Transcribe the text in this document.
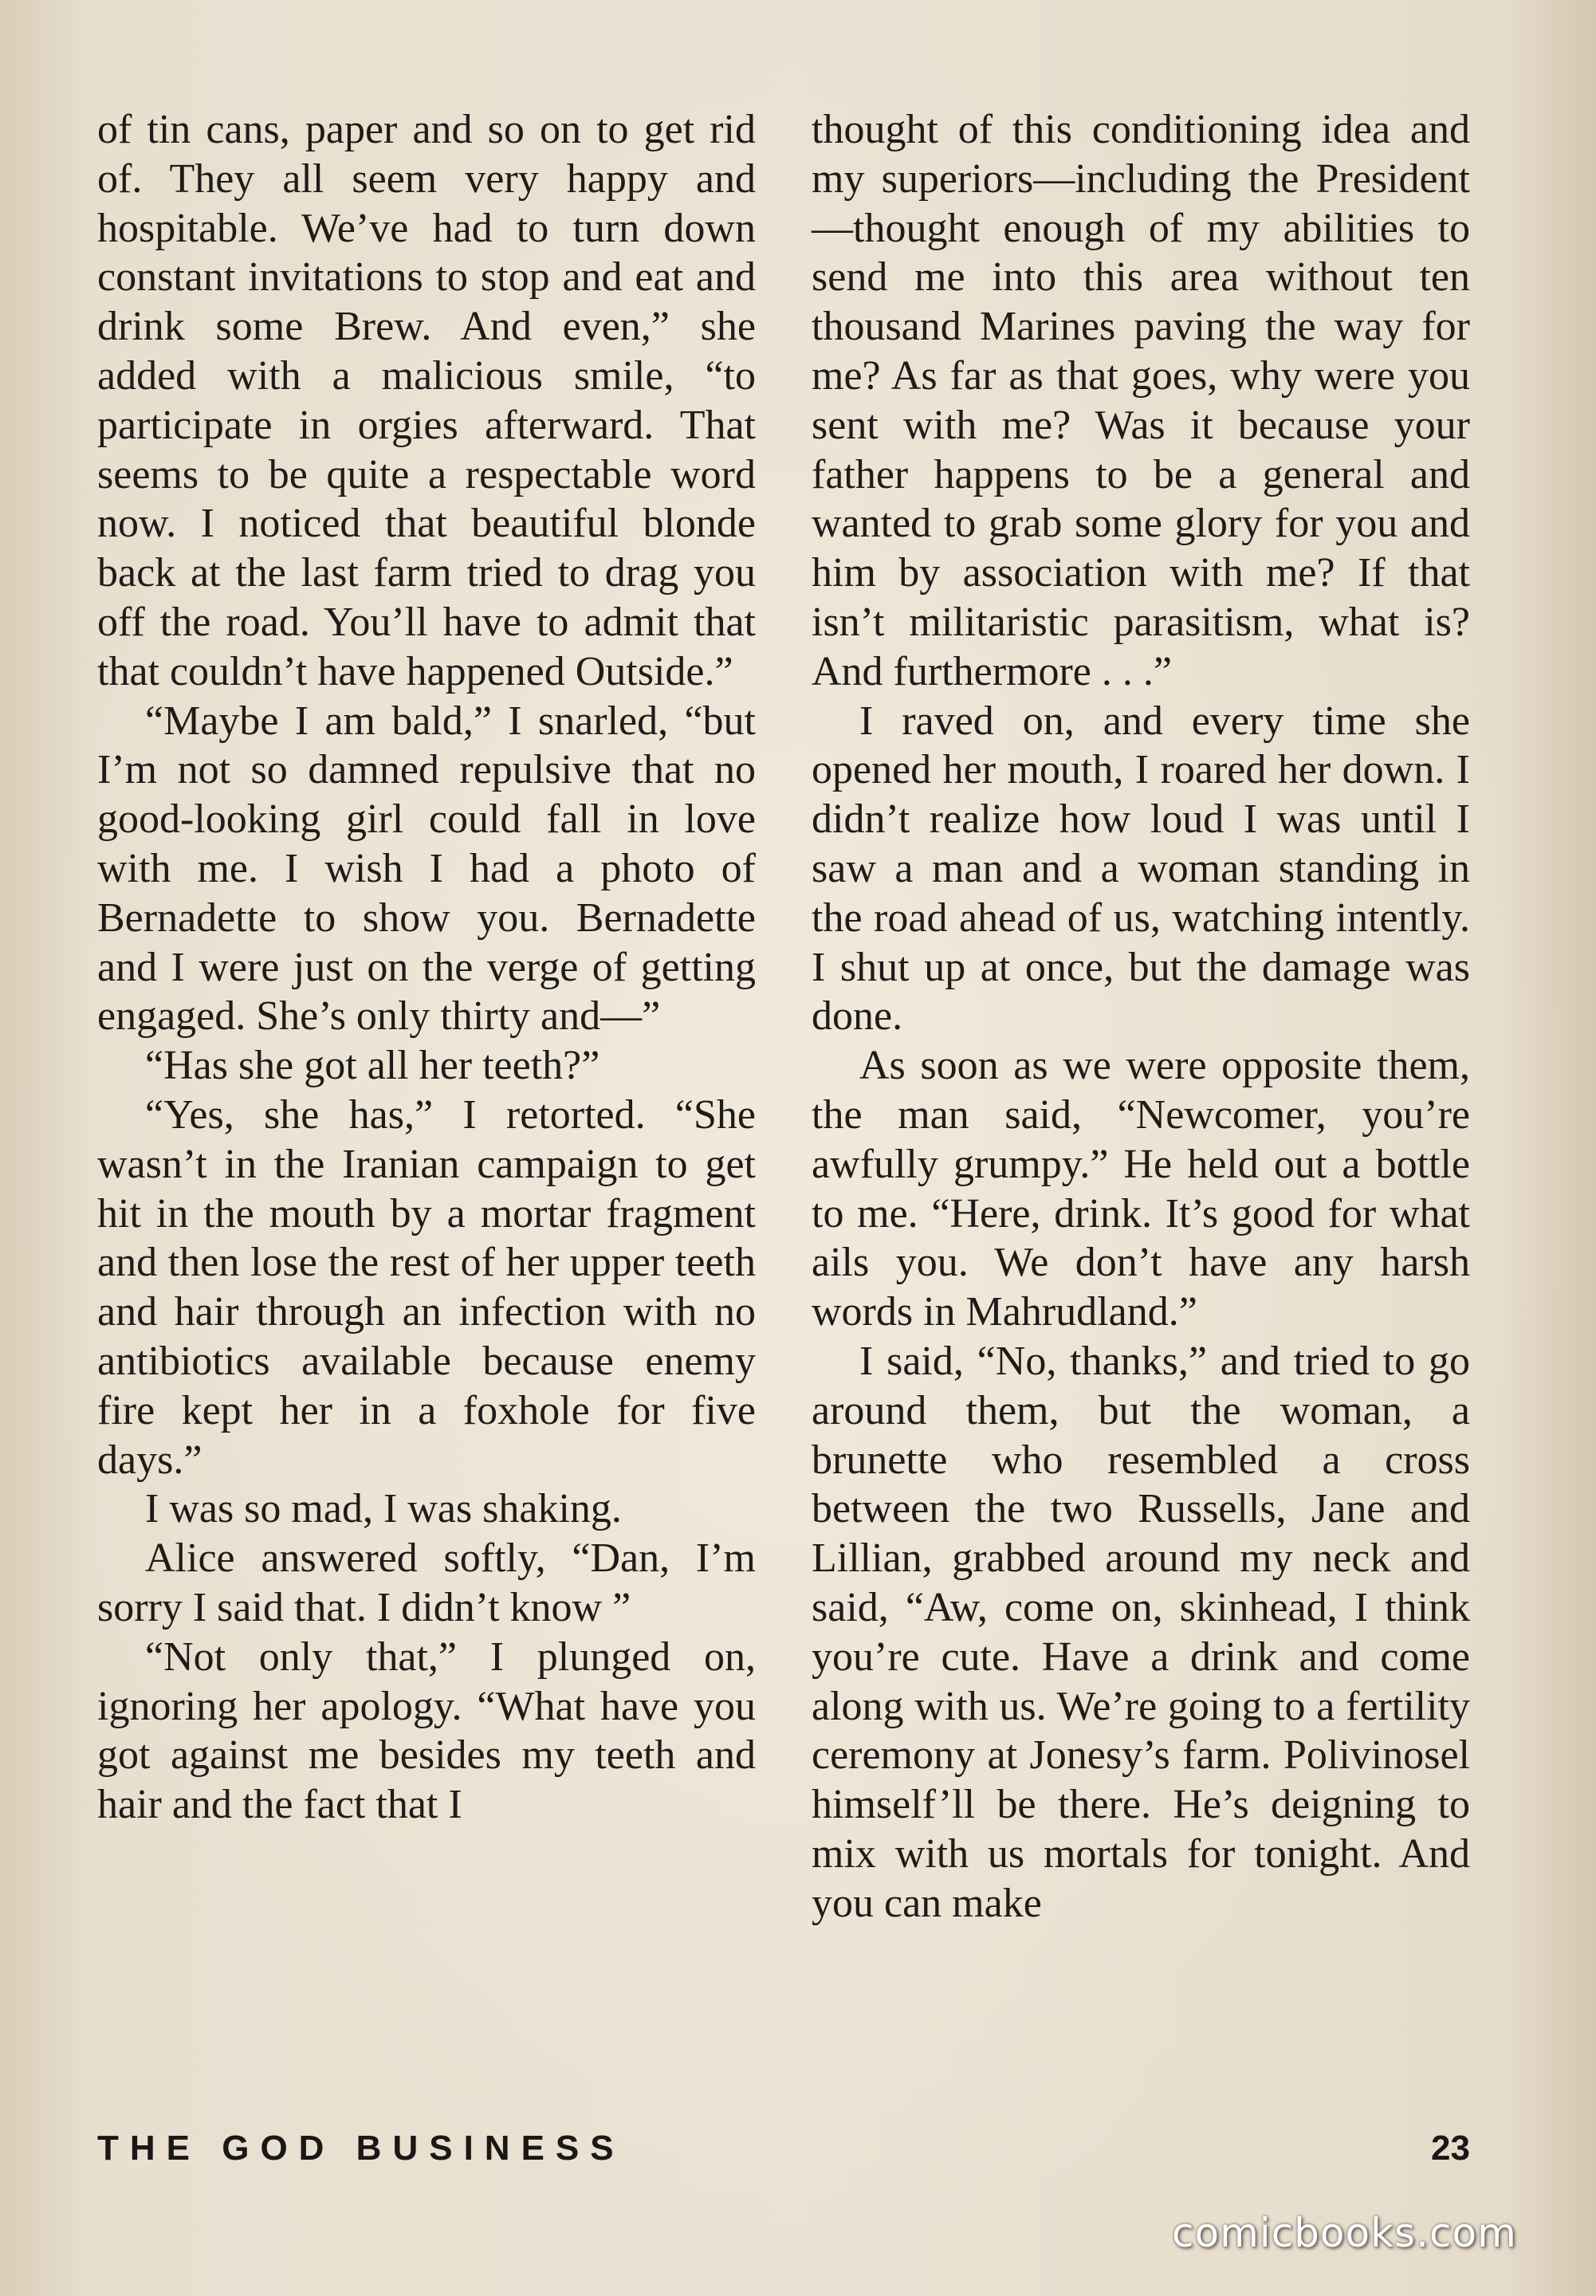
of tin cans, paper and so on to get rid of. They all seem very happy and hospitable. We’ve had to turn down constant invitations to stop and eat and drink some Brew. And even,” she added with a malicious smile, “to participate in orgies afterward. That seems to be quite a respectable word now. I noticed that beautiful blonde back at the last farm tried to drag you off the road. You’ll have to admit that that couldn’t have happened Outside.”

“Maybe I am bald,” I snarled, “but I’m not so damned repulsive that no good-looking girl could fall in love with me. I wish I had a photo of Bernadette to show you. Bernadette and I were just on the verge of getting engaged. She’s only thirty and—”

“Has she got all her teeth?”

“Yes, she has,” I retorted. “She wasn’t in the Iranian campaign to get hit in the mouth by a mortar fragment and then lose the rest of her upper teeth and hair through an infection with no antibiotics available because enemy fire kept her in a foxhole for five days.”

I was so mad, I was shaking.

Alice answered softly, “Dan, I’m sorry I said that. I didn’t know ”

“Not only that,” I plunged on, ignoring her apology. “What have you got against me besides my teeth and hair and the fact that I

thought of this conditioning idea and my superiors—including the President—thought enough of my abilities to send me into this area without ten thousand Marines paving the way for me? As far as that goes, why were you sent with me? Was it because your father happens to be a general and wanted to grab some glory for you and him by association with me? If that isn’t militaristic parasitism, what is? And furthermore . . .”

I raved on, and every time she opened her mouth, I roared her down. I didn’t realize how loud I was until I saw a man and a woman standing in the road ahead of us, watching intently. I shut up at once, but the damage was done.

As soon as we were opposite them, the man said, “Newcomer, you’re awfully grumpy.” He held out a bottle to me. “Here, drink. It’s good for what ails you. We don’t have any harsh words in Mahrudland.”

I said, “No, thanks,” and tried to go around them, but the woman, a brunette who resembled a cross between the two Russells, Jane and Lillian, grabbed around my neck and said, “Aw, come on, skinhead, I think you’re cute. Have a drink and come along with us. We’re going to a fertility ceremony at Jonesy’s farm. Polivinosel himself’ll be there. He’s deigning to mix with us mortals for tonight. And you can make

THE GOD BUSINESS	23
comicbooks.com
